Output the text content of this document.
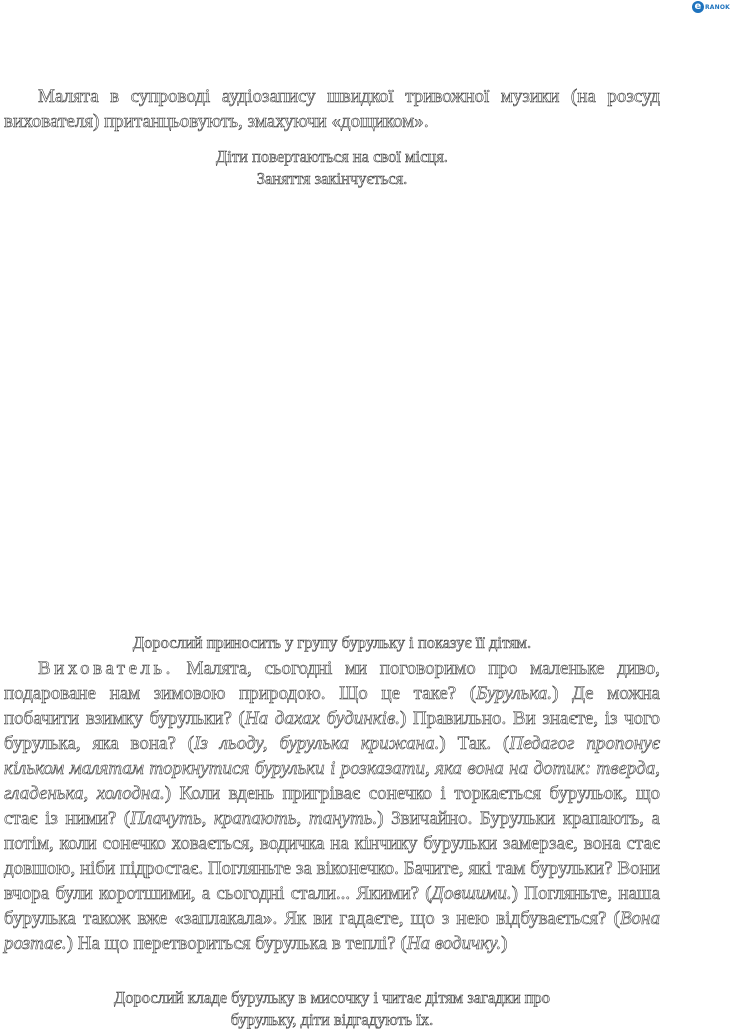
e RANOK

Малята в супроводі аудіозапису швидкої тривожної музики (на розсуд вихователя) пританцьовують, змахуючи «дощиком».

Діти повертаються на свої місця.

Заняття закінчується.

Дорослий приносить у групу бурульку і показує її дітям.

Вихователь. Малята, сьогодні ми поговоримо про маленьке диво, подароване нам зимовою природою. Що це таке? (Бурулька.) Де можна побачити взимку бурульки? (На дахах будинків.) Правильно. Ви знаєте, із чого бурулька, яка вона? (Із льоду, бурулька крижана.) Так. (Педагог пропонує кільком малятам торкнутися бурульки і розказати, яка вона на дотик: тверда, гладенька, холодна.) Коли вдень пригріває сонечко і торкається бурульок, що стає із ними? (Плачуть, крапають, тануть.) Звичайно. Бурульки крапають, а потім, коли сонечко ховається, водичка на кінчику бурульки замерзає, вона стає довшою, ніби підростає. Погляньте за віконечко. Бачите, які там бурульки? Вони вчора були коротшими, а сьогодні стали... Якими? (Довшими.) Погляньте, наша бурулька також вже «заплакала». Як ви гадаєте, що з нею відбувається? (Вона розтає.) На що перетвориться бурулька в теплі? (На водичку.)

Дорослий кладе бурульку в мисочку і читає дітям загадки про

бурульку, діти відгадують їх.
